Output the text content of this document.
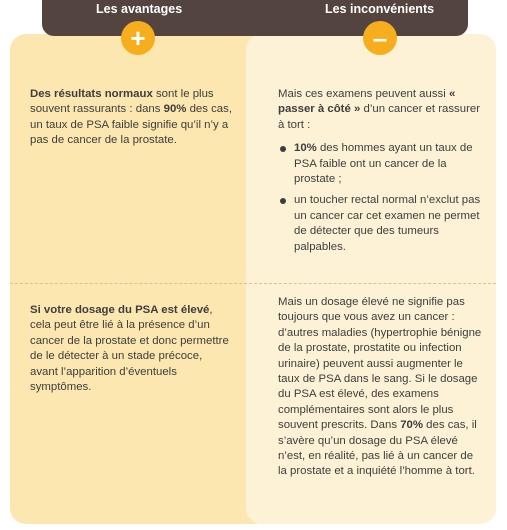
Les avantages	Les inconvénients
+	–
Des résultats normaux sont le plus souvent rassurants : dans 90% des cas, un taux de PSA faible signifie qu’il n’y a pas de cancer de la prostate.
Mais ces examens peuvent aussi « passer à côté » d’un cancer et rassurer à tort :
10% des hommes ayant un taux de PSA faible ont un cancer de la prostate ;
un toucher rectal normal n’exclut pas un cancer car cet examen ne permet de détecter que des tumeurs palpables.
Si votre dosage du PSA est élevé, cela peut être lié à la présence d’un cancer de la prostate et donc permettre de le détecter à un stade précoce, avant l’apparition d’éventuels symptômes.
Mais un dosage élevé ne signifie pas toujours que vous avez un cancer : d’autres maladies (hypertrophie bénigne de la prostate, prostatite ou infection urinaire) peuvent aussi augmenter le taux de PSA dans le sang. Si le dosage du PSA est élevé, des examens complémentaires sont alors le plus souvent prescrits. Dans 70% des cas, il s’avère qu’un dosage du PSA élevé n’est, en réalité, pas lié à un cancer de la prostate et a inquiété l’homme à tort.
